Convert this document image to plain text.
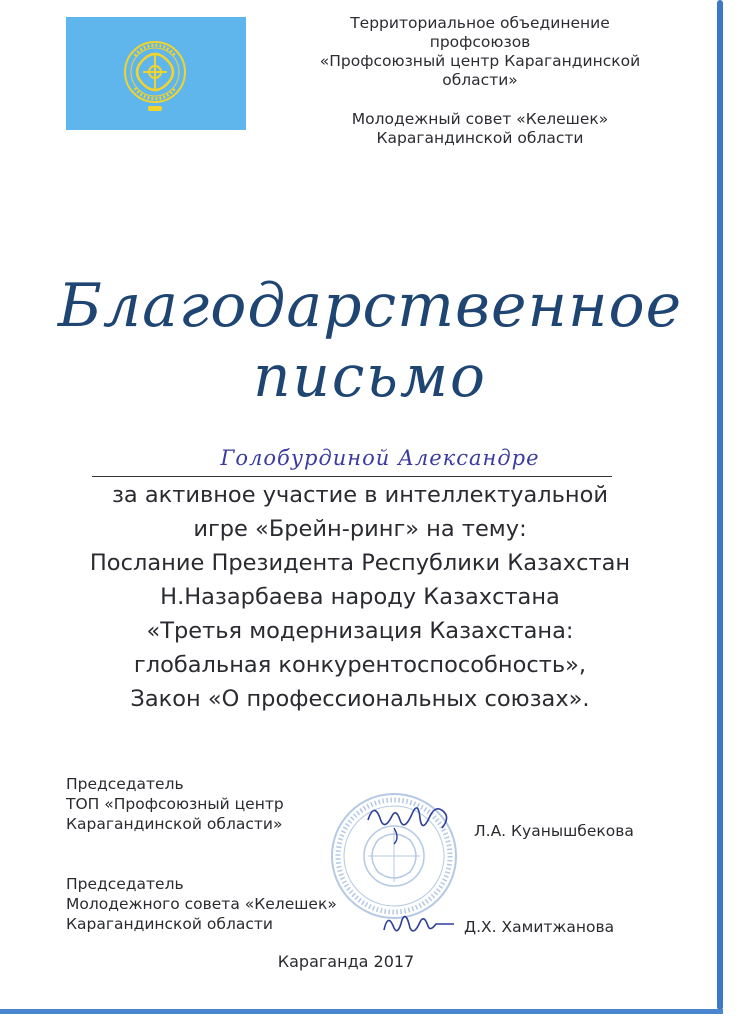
Территориальное объединение
профсоюзов
«Профсоюзный центр Карагандинской
области»
Молодежный совет «Келешек»
Карагандинской области
Благодарственное
письмо
Голобурдиной Александре
за активное участие в интеллектуальной
игре «Брейн-ринг» на тему:
Послание Президента Республики Казахстан
Н.Назарбаева народу Казахстана
«Третья модернизация Казахстана:
глобальная конкурентоспособность»,
Закон «О профессиональных союзах».
Председатель
ТОП «Профсоюзный центр
Карагандинской области»	Л.А. Куанышбекова
Председатель
Молодежного совета «Келешек»
Карагандинской области	Д.Х. Хамитжанова
Караганда 2017
